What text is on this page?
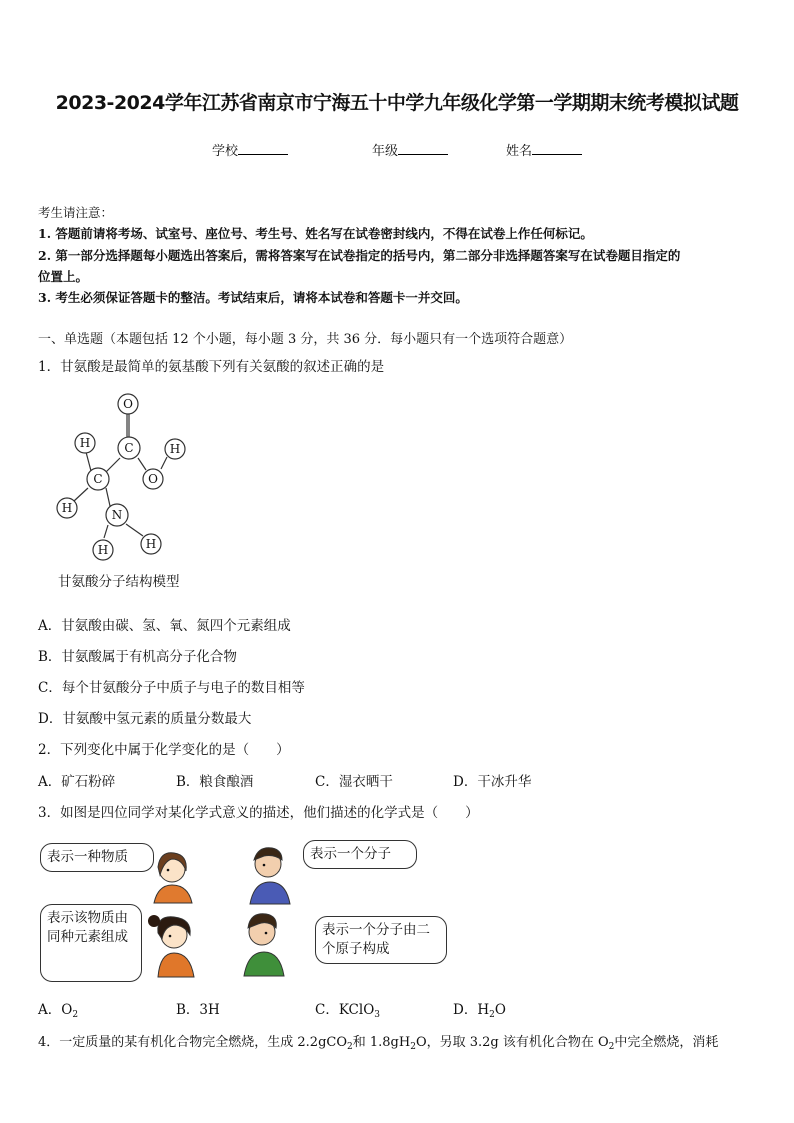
2023-2024学年江苏省南京市宁海五十中学九年级化学第一学期期末统考模拟试题
学校	年级	姓名
考生请注意：
1. 答题前请将考场、试室号、座位号、考生号、姓名写在试卷密封线内，不得在试卷上作任何标记。
2. 第一部分选择题每小题选出答案后，需将答案写在试卷指定的括号内，第二部分非选择题答案写在试卷题目指定的
位置上。
3. 考生必须保证答题卡的整洁。考试结束后，请将本试卷和答题卡一并交回。
一、单选题（本题包括 12 个小题，每小题 3 分，共 36 分．每小题只有一个选项符合题意）
1．甘氨酸是最简单的氨基酸下列有关氨酸的叙述正确的是
O
C
H	H
O
C
H	N
H	H
甘氨酸分子结构模型
A．甘氨酸由碳、氢、氧、氮四个元素组成
B．甘氨酸属于有机高分子化合物
C．每个甘氨酸分子中质子与电子的数目相等
D．甘氨酸中氢元素的质量分数最大
2．下列变化中属于化学变化的是（　　）
A．矿石粉碎	B．粮食酿酒	C．湿衣晒干	D．干冰升华
3．如图是四位同学对某化学式意义的描述，他们描述的化学式是（　　）
表示一种物质	表示一个分子
表示该物质由同种元素组成	表示一个分子由二个原子构成
A．$O_2$	B．3H	C．KClO$_3$	D．$H_2O$
4．一定质量的某有机化合物完全燃烧，生成 2.2gCO$_2$和 $1.8gH_2O$，另取 3.2g 该有机化合物在 $O_2$中完全燃烧，消耗
